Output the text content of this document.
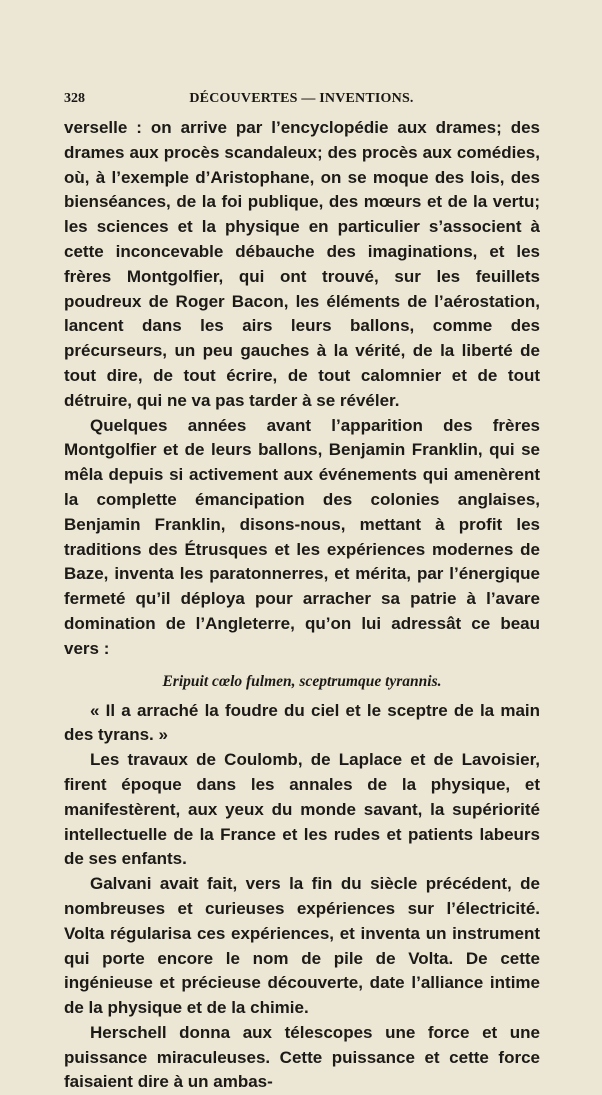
328	DÉCOUVERTES — INVENTIONS.

verselle : on arrive par l’encyclopédie aux drames; des drames aux procès scandaleux; des procès aux comédies, où, à l’exemple d’Aristophane, on se moque des lois, des bienséances, de la foi publique, des mœurs et de la vertu; les sciences et la physique en particulier s’associent à cette inconcevable débauche des imaginations, et les frères Montgolfier, qui ont trouvé, sur les feuillets poudreux de Roger Bacon, les éléments de l’aérostation, lancent dans les airs leurs ballons, comme des précurseurs, un peu gauches à la vérité, de la liberté de tout dire, de tout écrire, de tout calomnier et de tout détruire, qui ne va pas tarder à se révéler.

Quelques années avant l’apparition des frères Montgolfier et de leurs ballons, Benjamin Franklin, qui se mêla depuis si activement aux événements qui amenèrent la complette émancipation des colonies anglaises, Benjamin Franklin, disons-nous, mettant à profit les traditions des Étrusques et les expériences modernes de Baze, inventa les paratonnerres, et mérita, par l’énergique fermeté qu’il déploya pour arracher sa patrie à l’avare domination de l’Angleterre, qu’on lui adressât ce beau vers :

Eripuit cœlo fulmen, sceptrumque tyrannis.

« Il a arraché la foudre du ciel et le sceptre de la main des tyrans. »

Les travaux de Coulomb, de Laplace et de Lavoisier, firent époque dans les annales de la physique, et manifestèrent, aux yeux du monde savant, la supériorité intellectuelle de la France et les rudes et patients labeurs de ses enfants.

Galvani avait fait, vers la fin du siècle précédent, de nombreuses et curieuses expériences sur l’électricité. Volta régularisa ces expériences, et inventa un instrument qui porte encore le nom de pile de Volta. De cette ingénieuse et précieuse découverte, date l’alliance intime de la physique et de la chimie.

Herschell donna aux télescopes une force et une puissance miraculeuses. Cette puissance et cette force faisaient dire à un ambas-
